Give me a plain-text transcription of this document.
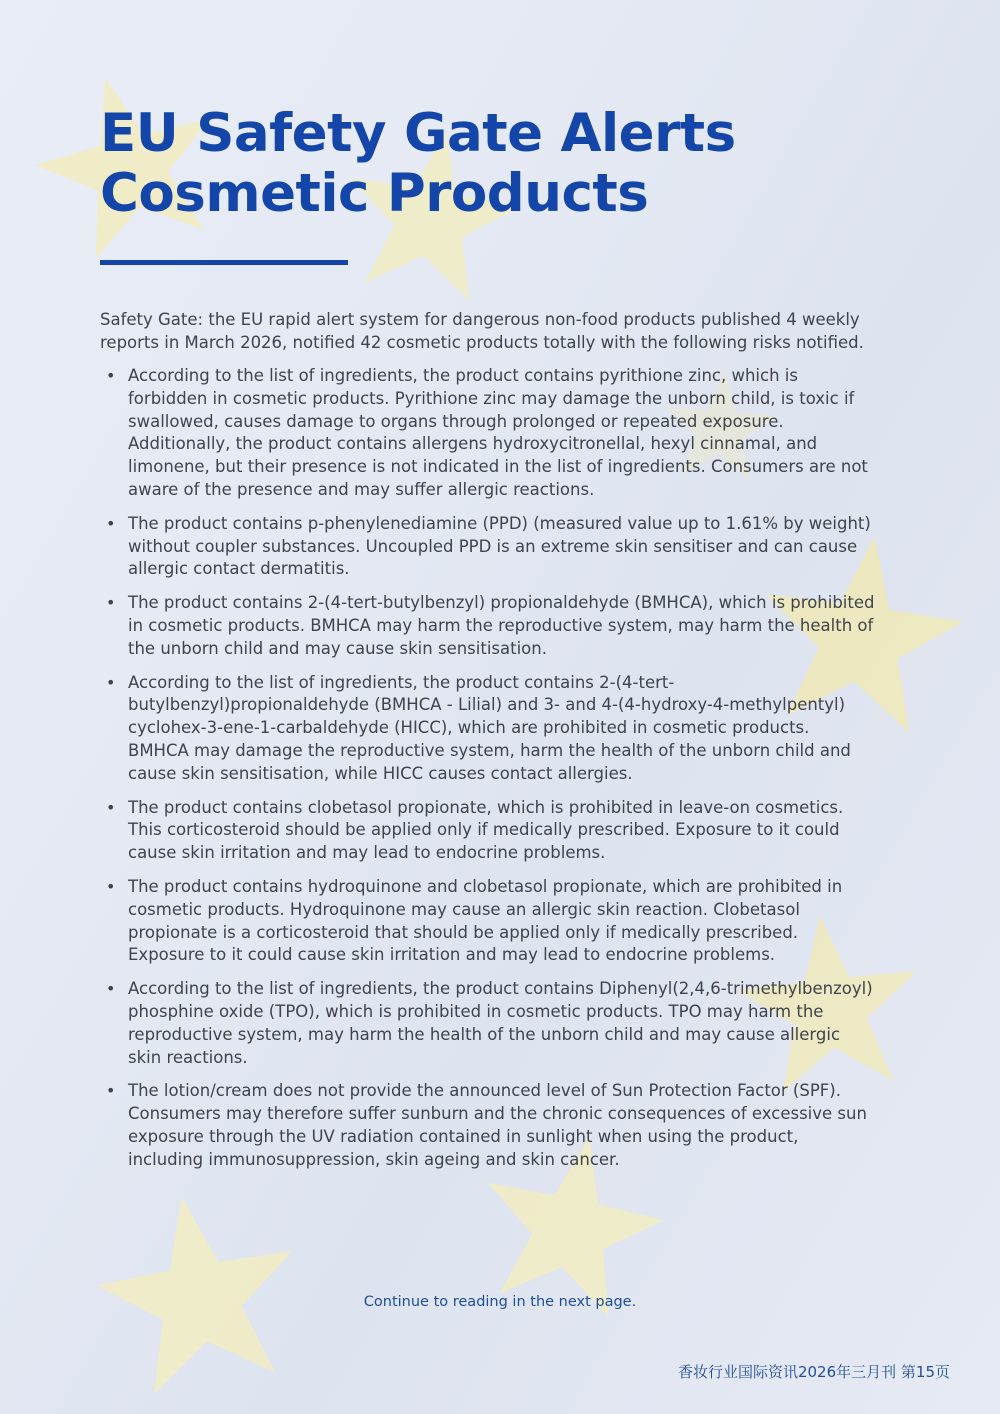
EU Safety Gate Alerts
Cosmetic Products

Safety Gate: the EU rapid alert system for dangerous non-food products published 4 weekly reports in March 2026, notified 42 cosmetic products totally with the following risks notified.

• According to the list of ingredients, the product contains pyrithione zinc, which is forbidden in cosmetic products. Pyrithione zinc may damage the unborn child, is toxic if swallowed, causes damage to organs through prolonged or repeated exposure. Additionally, the product contains allergens hydroxycitronellal, hexyl cinnamal, and limonene, but their presence is not indicated in the list of ingredients. Consumers are not aware of the presence and may suffer allergic reactions.
• The product contains p-phenylenediamine (PPD) (measured value up to 1.61% by weight) without coupler substances. Uncoupled PPD is an extreme skin sensitiser and can cause allergic contact dermatitis.
• The product contains 2-(4-tert-butylbenzyl) propionaldehyde (BMHCA), which is prohibited in cosmetic products. BMHCA may harm the reproductive system, may harm the health of the unborn child and may cause skin sensitisation.
• According to the list of ingredients, the product contains 2-(4-tert-butylbenzyl)propionaldehyde (BMHCA - Lilial) and 3- and 4-(4-hydroxy-4-methylpentyl) cyclohex-3-ene-1-carbaldehyde (HICC), which are prohibited in cosmetic products. BMHCA may damage the reproductive system, harm the health of the unborn child and cause skin sensitisation, while HICC causes contact allergies.
• The product contains clobetasol propionate, which is prohibited in leave-on cosmetics. This corticosteroid should be applied only if medically prescribed. Exposure to it could cause skin irritation and may lead to endocrine problems.
• The product contains hydroquinone and clobetasol propionate, which are prohibited in cosmetic products. Hydroquinone may cause an allergic skin reaction. Clobetasol propionate is a corticosteroid that should be applied only if medically prescribed. Exposure to it could cause skin irritation and may lead to endocrine problems.
• According to the list of ingredients, the product contains Diphenyl(2,4,6-trimethylbenzoyl) phosphine oxide (TPO), which is prohibited in cosmetic products. TPO may harm the reproductive system, may harm the health of the unborn child and may cause allergic skin reactions.
• The lotion/cream does not provide the announced level of Sun Protection Factor (SPF). Consumers may therefore suffer sunburn and the chronic consequences of excessive sun exposure through the UV radiation contained in sunlight when using the product, including immunosuppression, skin ageing and skin cancer.
Continue to reading in the next page.
香妆行业国际资讯2026年三月刊 第15页
